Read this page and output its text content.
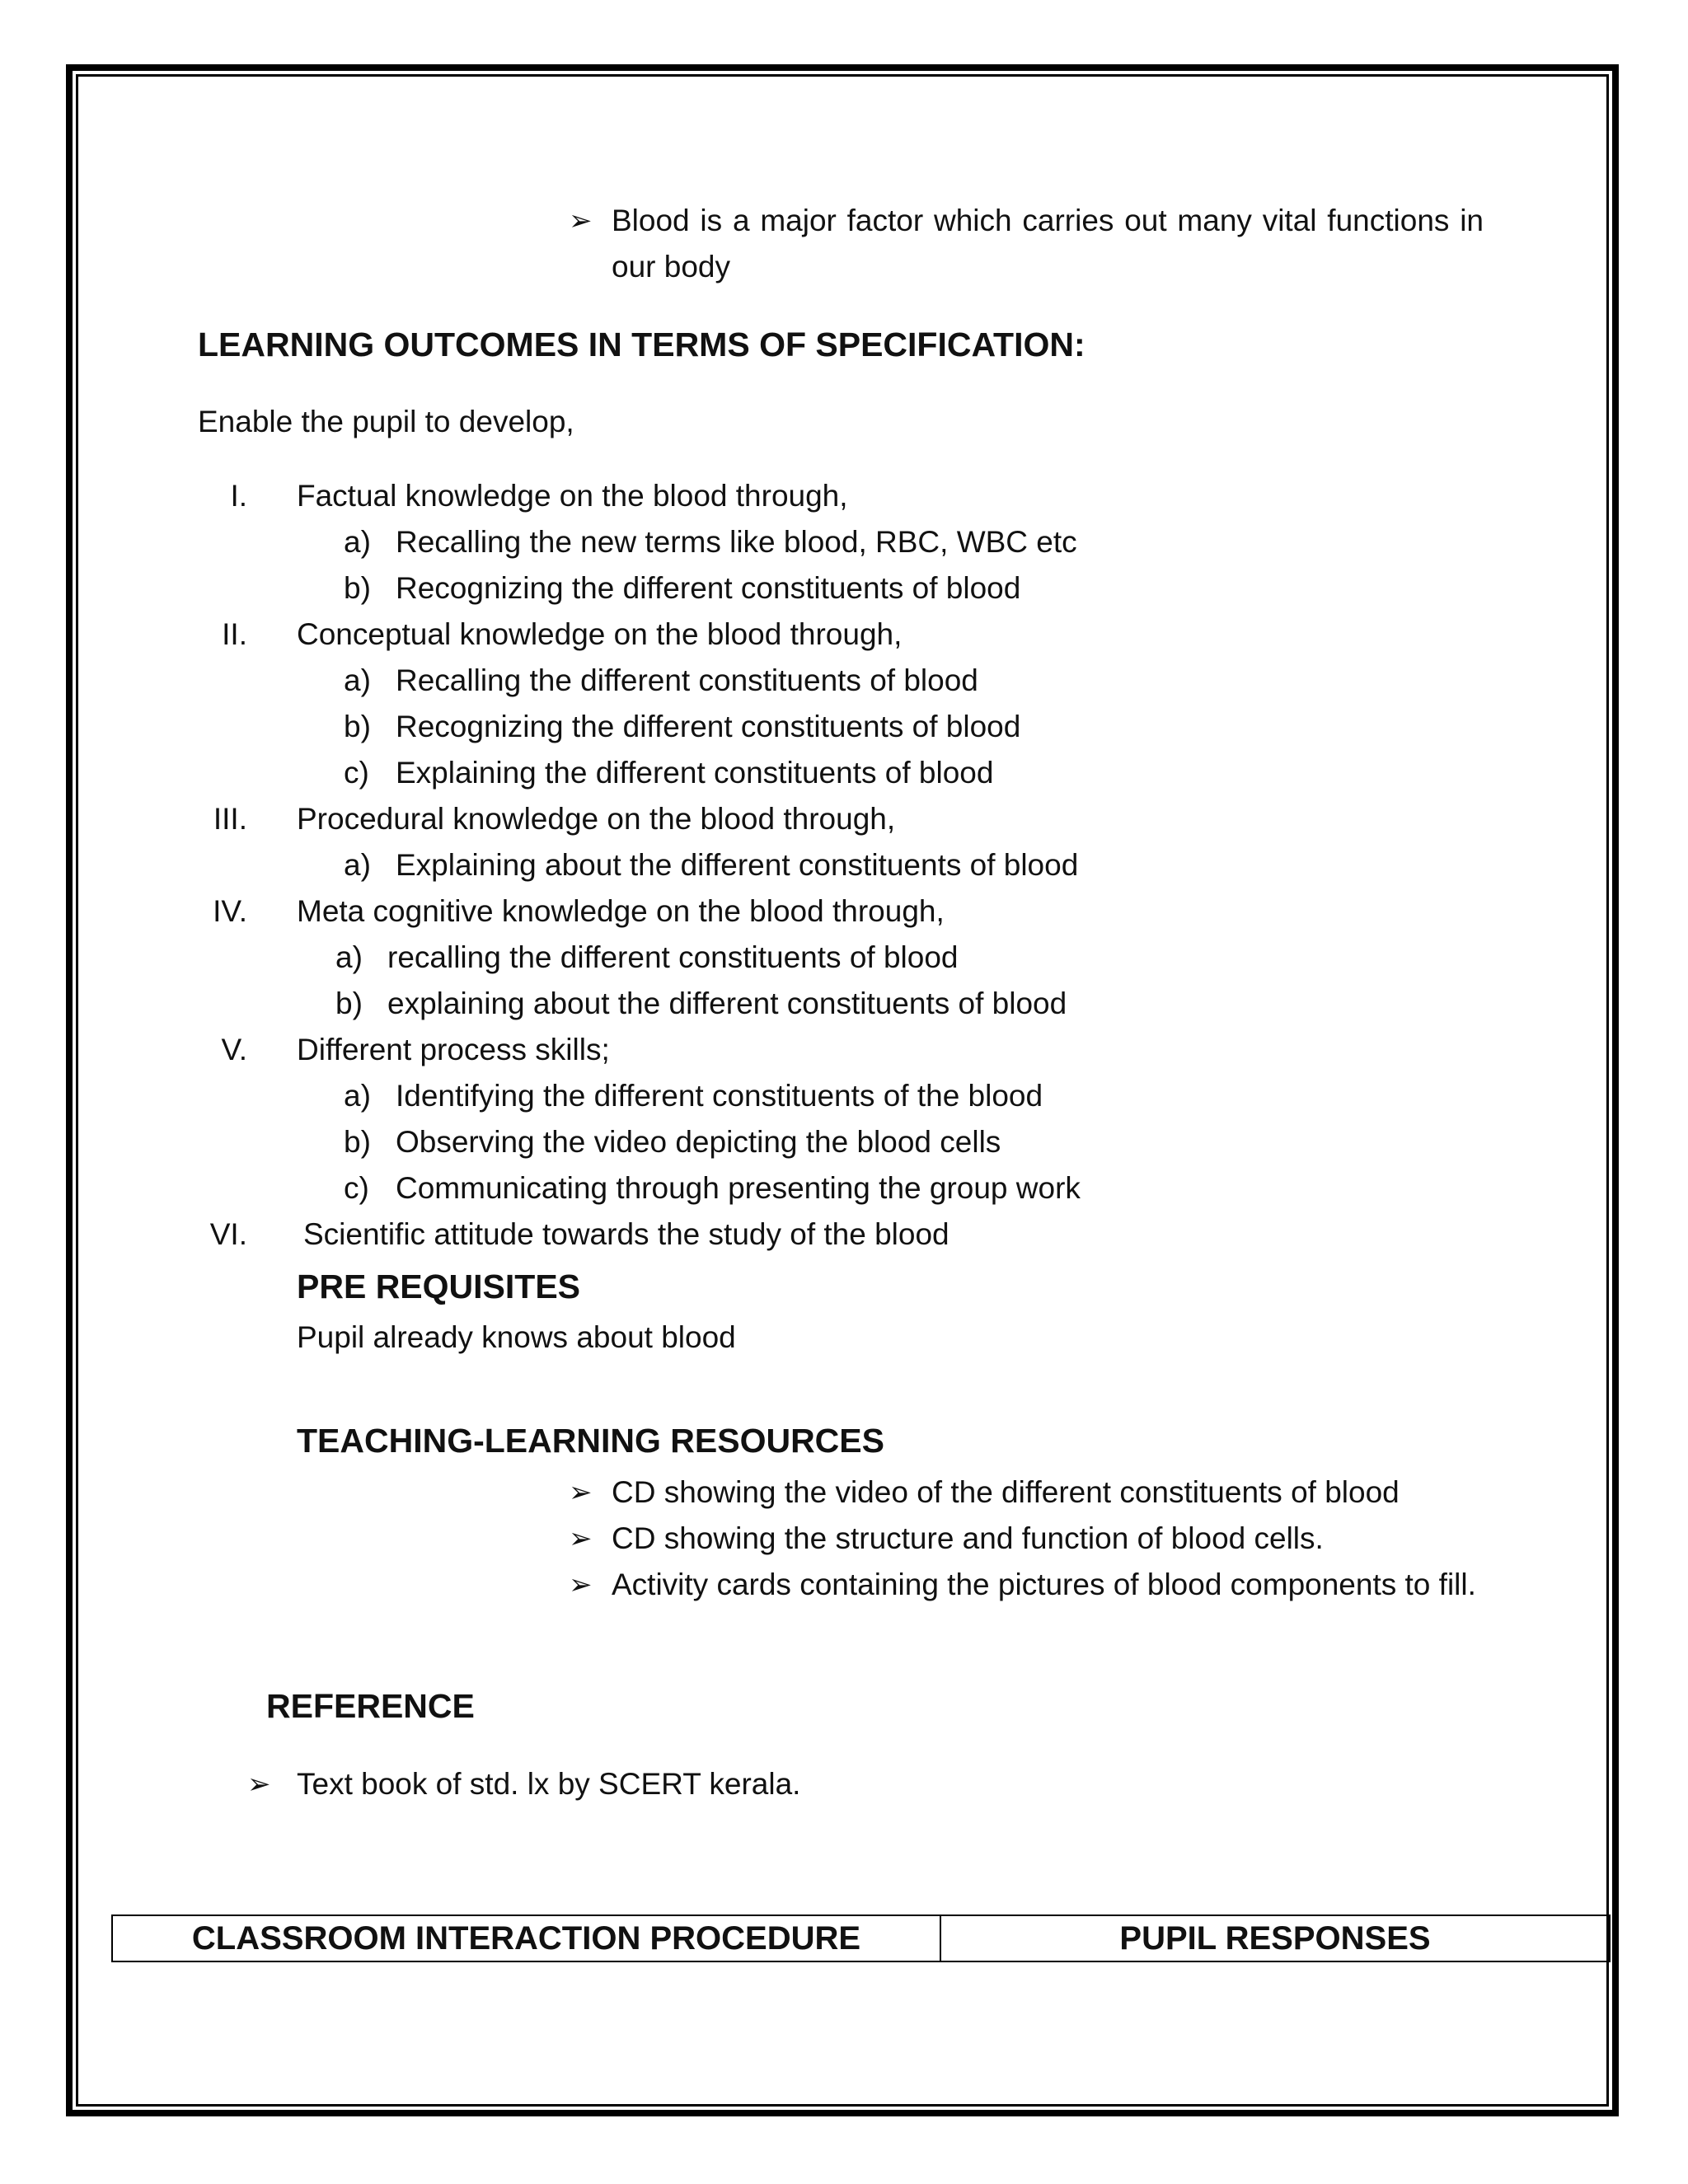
➢ Blood is a major factor which carries out many vital functions in our body
LEARNING OUTCOMES IN TERMS OF SPECIFICATION:
Enable the pupil to develop,
I. Factual knowledge on the blood through,
a) Recalling the new terms like blood, RBC, WBC etc
b) Recognizing the different constituents of blood
II. Conceptual knowledge on the blood through,
a) Recalling the different constituents of blood
b) Recognizing the different constituents of blood
c) Explaining the different constituents of blood
III. Procedural knowledge on the blood through,
a) Explaining about the different constituents of blood
IV. Meta cognitive knowledge on the blood through,
a) recalling the different constituents of blood
b) explaining about the different constituents of blood
V. Different process skills;
a) Identifying the different constituents of the blood
b) Observing the video depicting the blood cells
c) Communicating through presenting the group work
VI. Scientific attitude towards the study of the blood
PRE REQUISITES
Pupil already knows about blood
TEACHING-LEARNING RESOURCES
➢ CD showing the video of the different constituents of blood
➢ CD showing the structure and function of blood cells.
➢ Activity cards containing the pictures of blood components to fill.
REFERENCE
➢ Text book of std. lx by SCERT kerala.
CLASSROOM INTERACTION PROCEDURE	PUPIL RESPONSES
